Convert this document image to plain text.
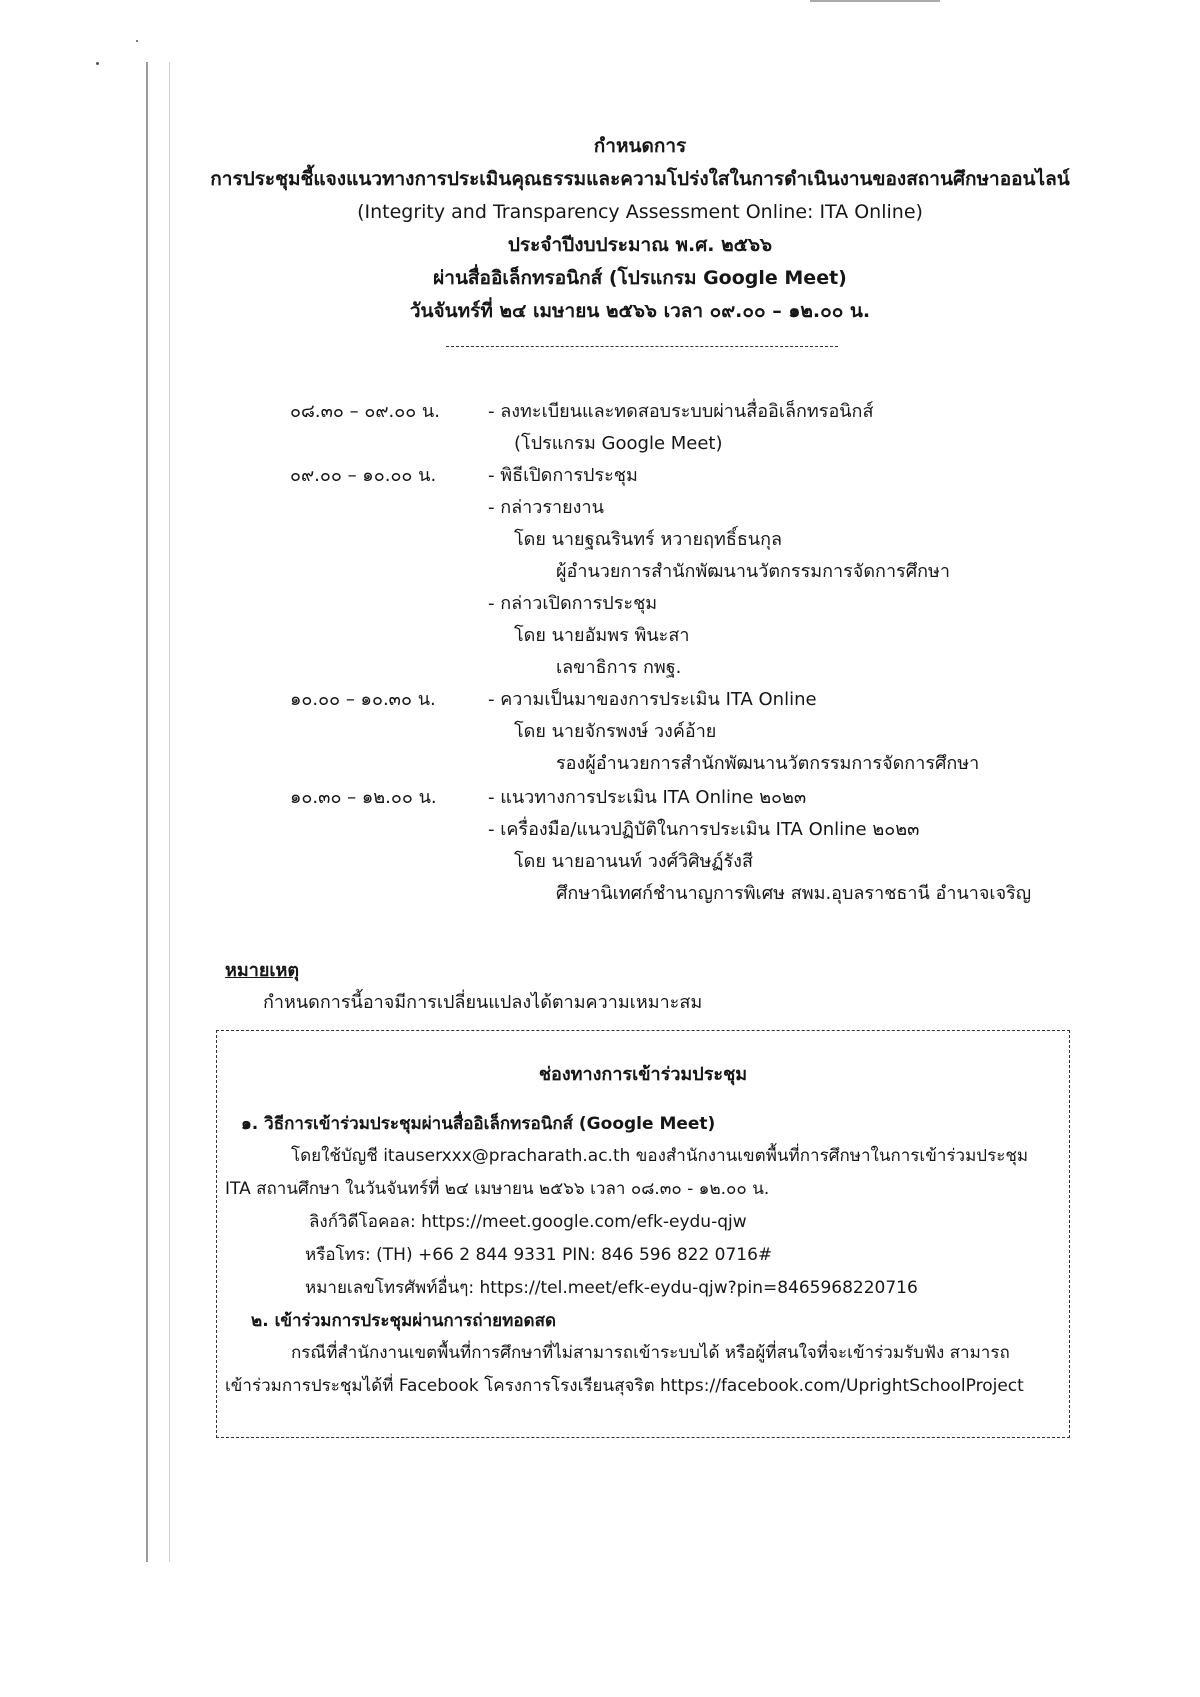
กำหนดการ
การประชุมชี้แจงแนวทางการประเมินคุณธรรมและความโปร่งใสในการดำเนินงานของสถานศึกษาออนไลน์
(Integrity and Transparency Assessment Online: ITA Online)
ประจำปีงบประมาณ พ.ศ. ๒๕๖๖
ผ่านสื่ออิเล็กทรอนิกส์ (โปรแกรม Google Meet)
วันจันทร์ที่ ๒๔ เมษายน ๒๕๖๖ เวลา ๐๙.๐๐ – ๑๒.๐๐ น.
๐๘.๓๐ – ๐๙.๐๐ น.	- ลงทะเบียนและทดสอบระบบผ่านสื่ออิเล็กทรอนิกส์
(โปรแกรม Google Meet)
๐๙.๐๐ – ๑๐.๐๐ น.	- พิธีเปิดการประชุม
- กล่าวรายงาน
โดย นายฐณรินทร์ หวายฤทธิ์ธนกุล
ผู้อำนวยการสำนักพัฒนานวัตกรรมการจัดการศึกษา
- กล่าวเปิดการประชุม
โดย นายอัมพร พินะสา
เลขาธิการ กพฐ.
๑๐.๐๐ – ๑๐.๓๐ น.	- ความเป็นมาของการประเมิน ITA Online
โดย นายจักรพงษ์ วงค์อ้าย
รองผู้อำนวยการสำนักพัฒนานวัตกรรมการจัดการศึกษา
๑๐.๓๐ – ๑๒.๐๐ น.	- แนวทางการประเมิน ITA Online ๒๐๒๓
- เครื่องมือ/แนวปฏิบัติในการประเมิน ITA Online ๒๐๒๓
โดย นายอานนท์ วงศ์วิศิษฏ์รังสี
ศึกษานิเทศก์ชำนาญการพิเศษ สพม.อุบลราชธานี อำนาจเจริญ
หมายเหตุ
กำหนดการนี้อาจมีการเปลี่ยนแปลงได้ตามความเหมาะสม
ช่องทางการเข้าร่วมประชุม
๑. วิธีการเข้าร่วมประชุมผ่านสื่ออิเล็กทรอนิกส์ (Google Meet)
โดยใช้บัญชี itauserxxx@pracharath.ac.th ของสำนักงานเขตพื้นที่การศึกษาในการเข้าร่วมประชุม
ITA สถานศึกษา ในวันจันทร์ที่ ๒๔ เมษายน ๒๕๖๖ เวลา ๐๘.๓๐ - ๑๒.๐๐ น.
ลิงก์วิดีโอคอล: https://meet.google.com/efk-eydu-qjw
หรือโทร: (TH) +66 2 844 9331 PIN: 846 596 822 0716#
หมายเลขโทรศัพท์อื่นๆ: https://tel.meet/efk-eydu-qjw?pin=8465968220716
๒. เข้าร่วมการประชุมผ่านการถ่ายทอดสด
กรณีที่สำนักงานเขตพื้นที่การศึกษาที่ไม่สามารถเข้าระบบได้ หรือผู้ที่สนใจที่จะเข้าร่วมรับฟัง สามารถ
เข้าร่วมการประชุมได้ที่ Facebook โครงการโรงเรียนสุจริต https://facebook.com/UprightSchoolProject
